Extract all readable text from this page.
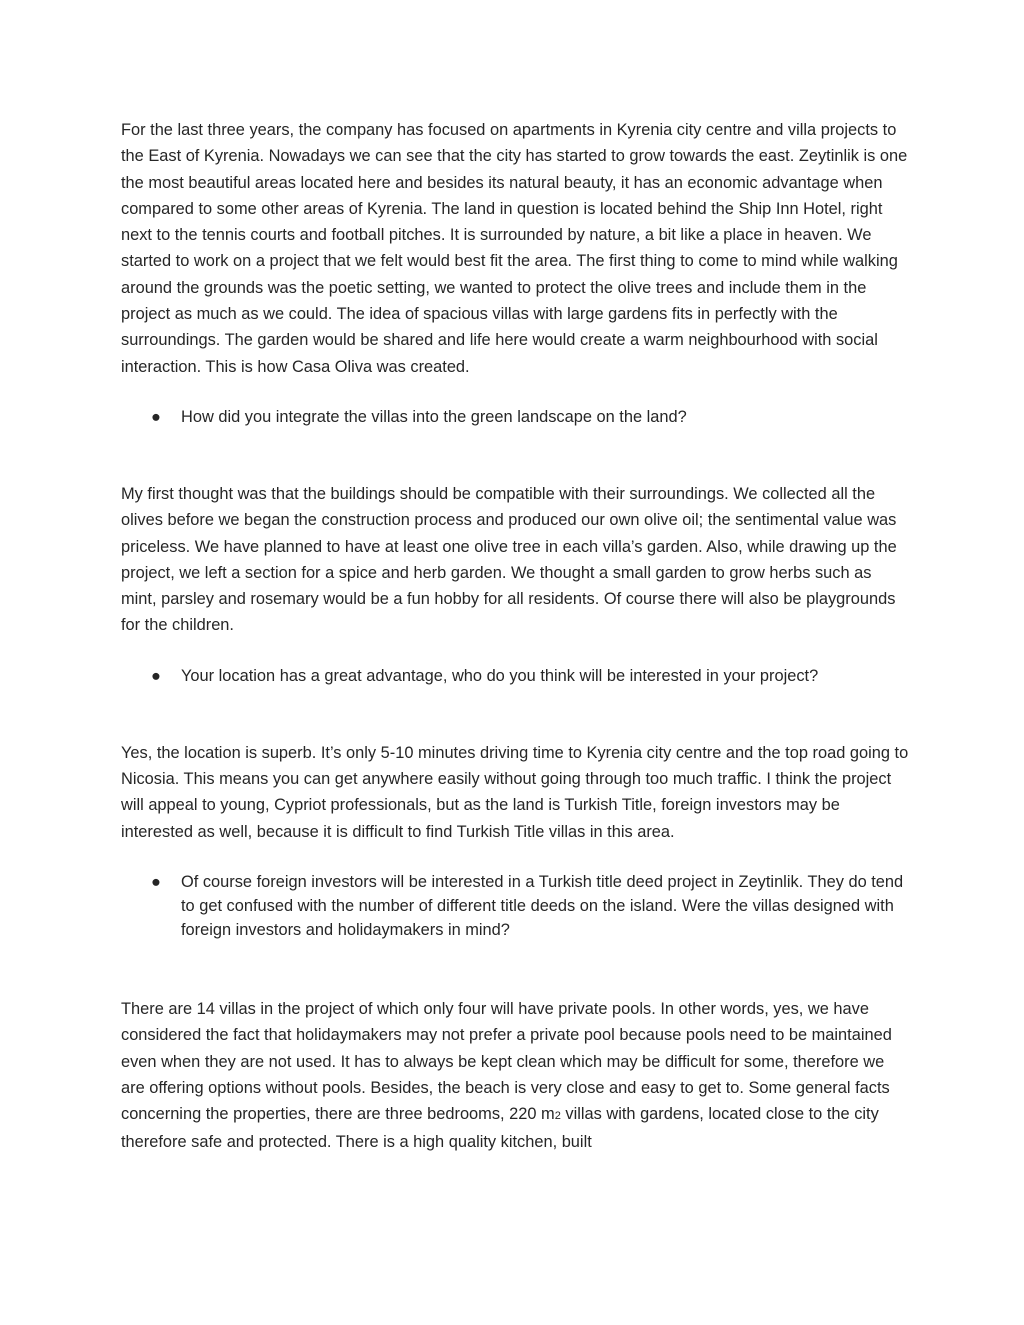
For the last three years, the company has focused on apartments in Kyrenia city centre and villa projects to the East of Kyrenia. Nowadays we can see that the city has started to grow towards the east. Zeytinlik is one the most beautiful areas located here and besides its natural beauty, it has an economic advantage when compared to some other areas of Kyrenia. The land in question is located behind the Ship Inn Hotel, right next to the tennis courts and football pitches. It is surrounded by nature, a bit like a place in heaven. We started to work on a project that we felt would best fit the area. The first thing to come to mind while walking around the grounds was the poetic setting, we wanted to protect the olive trees and include them in the project as much as we could. The idea of spacious villas with large gardens fits in perfectly with the surroundings. The garden would be shared and life here would create a warm neighbourhood with social interaction. This is how Casa Oliva was created.

●	How did you integrate the villas into the green landscape on the land?

My first thought was that the buildings should be compatible with their surroundings. We collected all the olives before we began the construction process and produced our own olive oil; the sentimental value was priceless. We have planned to have at least one olive tree in each villa’s garden. Also, while drawing up the project, we left a section for a spice and herb garden. We thought a small garden to grow herbs such as mint, parsley and rosemary would be a fun hobby for all residents. Of course there will also be playgrounds for the children.

●	Your location has a great advantage, who do you think will be interested in your project?

Yes, the location is superb. It’s only 5-10 minutes driving time to Kyrenia city centre and the top road going to Nicosia. This means you can get anywhere easily without going through too much traffic. I think the project will appeal to young, Cypriot professionals, but as the land is Turkish Title, foreign investors may be interested as well, because it is difficult to find Turkish Title villas in this area.

●	Of course foreign investors will be interested in a Turkish title deed project in Zeytinlik. They do tend to get confused with the number of different title deeds on the island. Were the villas designed with foreign investors and holidaymakers in mind?

There are 14 villas in the project of which only four will have private pools. In other words, yes, we have considered the fact that holidaymakers may not prefer a private pool because pools need to be maintained even when they are not used. It has to always be kept clean which may be difficult for some, therefore we are offering options without pools. Besides, the beach is very close and easy to get to. Some general facts concerning the properties, there are three bedrooms, 220 m2 villas with gardens, located close to the city therefore safe and protected. There is a high quality kitchen, built
